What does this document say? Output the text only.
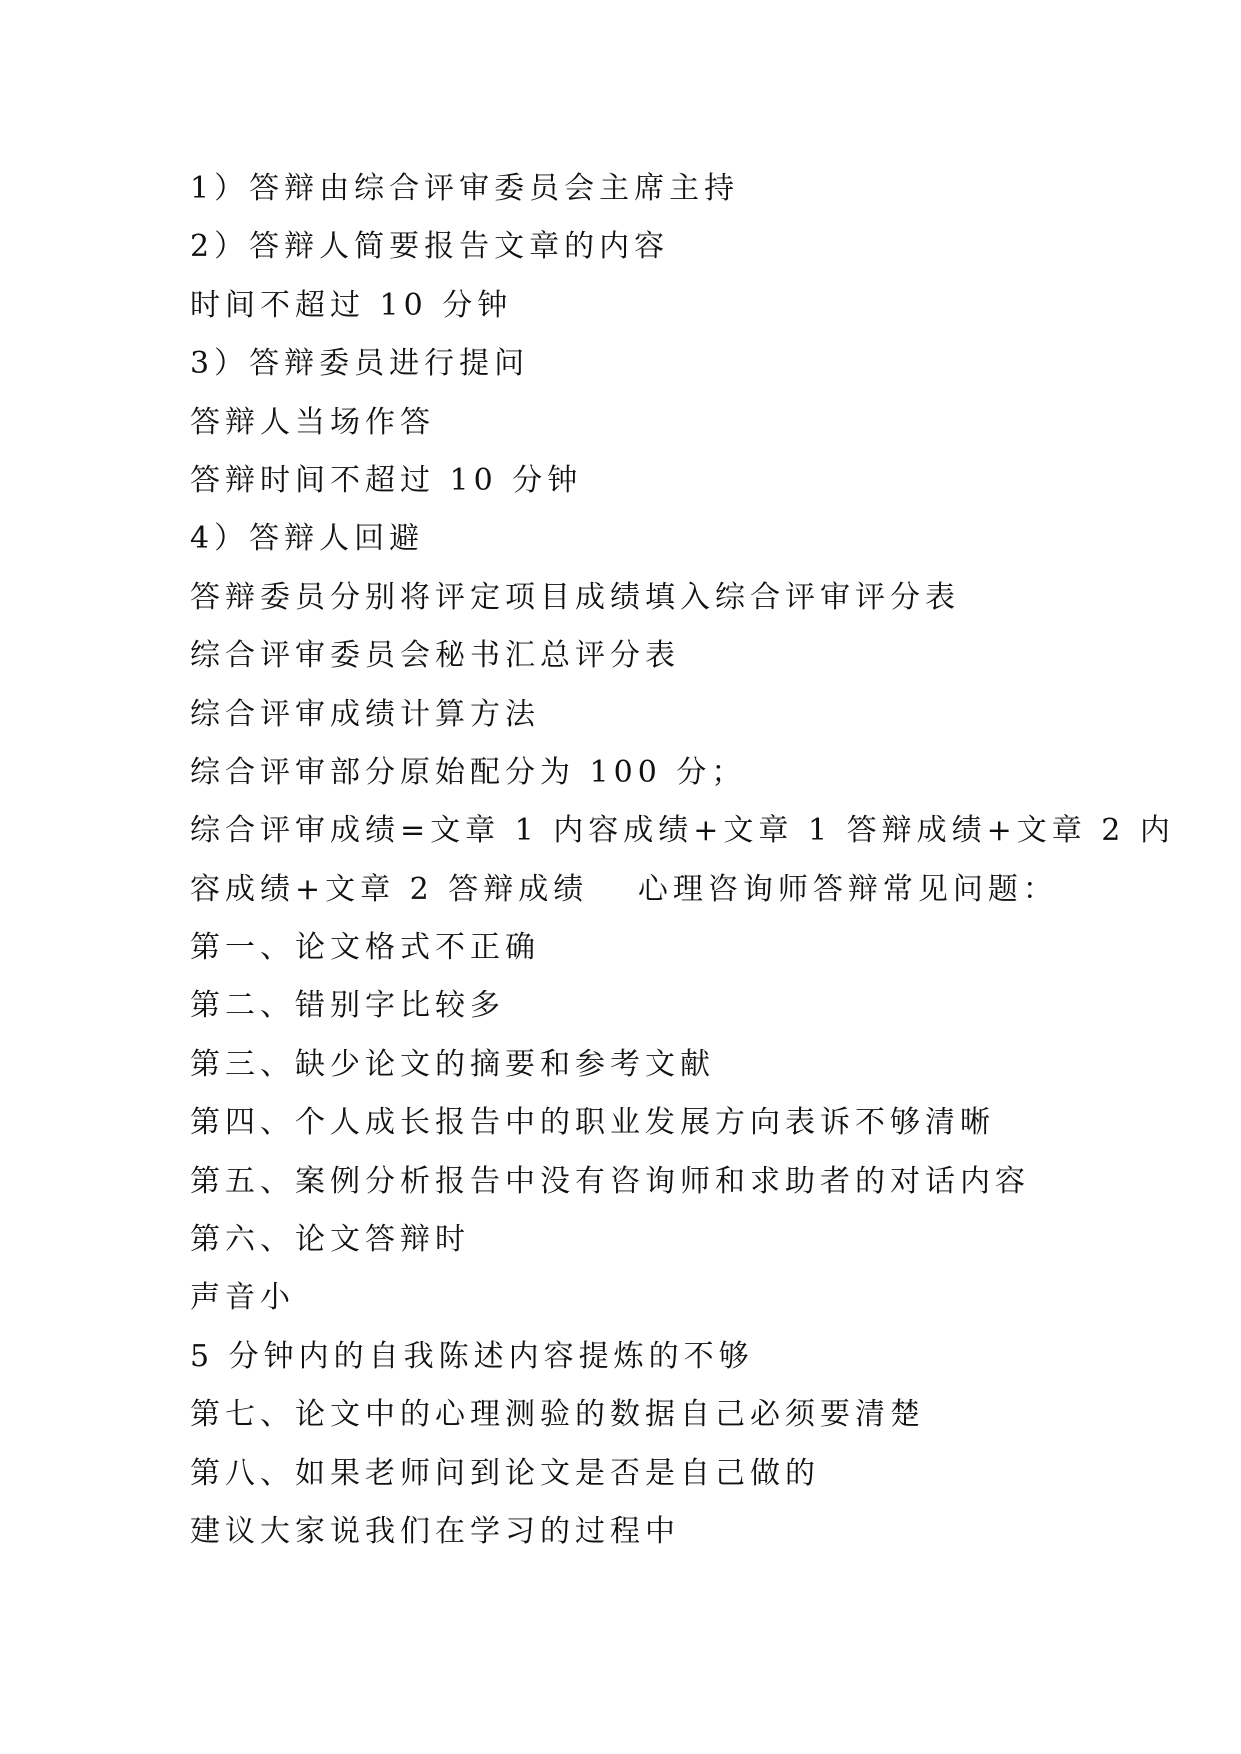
1）答辩由综合评审委员会主席主持
2）答辩人简要报告文章的内容
时间不超过 10 分钟
3）答辩委员进行提问
答辩人当场作答
答辩时间不超过 10 分钟
4）答辩人回避
答辩委员分别将评定项目成绩填入综合评审评分表
综合评审委员会秘书汇总评分表
综合评审成绩计算方法
综合评审部分原始配分为 100 分；
综合评审成绩=文章 1 内容成绩+文章 1 答辩成绩+文章 2 内
容成绩+文章 2 答辩成绩　 心理咨询师答辩常见问题：
第一、论文格式不正确
第二、错别字比较多
第三、缺少论文的摘要和参考文献
第四、个人成长报告中的职业发展方向表诉不够清晰
第五、案例分析报告中没有咨询师和求助者的对话内容
第六、论文答辩时
声音小
5 分钟内的自我陈述内容提炼的不够
第七、论文中的心理测验的数据自己必须要清楚
第八、如果老师问到论文是否是自己做的
建议大家说我们在学习的过程中
